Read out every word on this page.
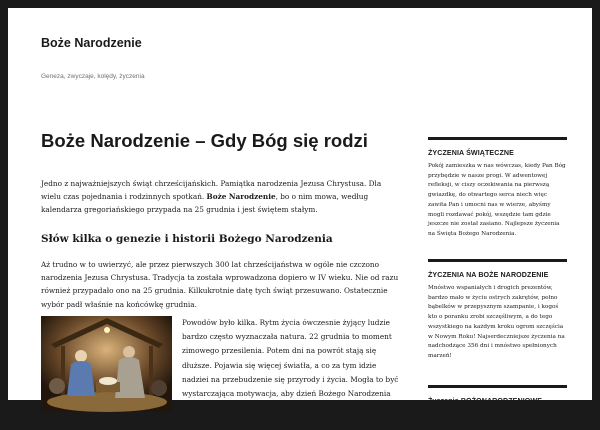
Boże Narodzenie
Geneza, zwyczaje, kolędy, życzenia
Boże Narodzenie – Gdy Bóg się rodzi

Jedno z najważniejszych świąt chrześcijańskich. Pamiątka narodzenia Jezusa Chrystusa. Dla wielu czas pojednania i rodzinnych spotkań. Boże Narodzenie, bo o nim mowa, według kalendarza gregoriańskiego przypada na 25 grudnia i jest świętem stałym.

Słów kilka o genezie i historii Bożego Narodzenia

Aż trudno w to uwierzyć, ale przez pierwszych 300 lat chrześcijaństwa w ogóle nie czczono narodzenia Jezusa Chrystusa. Tradycja ta została wprowadzona dopiero w IV wieku. Nie od razu również przypadało ono na 25 grudnia. Kilkukrotnie datę tych świąt przesuwano. Ostatecznie wybór padł właśnie na końcówkę grudnia.

Powodów było kilka. Rytm życia ówczesnie żyjący ludzie bardzo często wyznaczała natura. 22 grudnia to moment zimowego przesilenia. Potem dni na powrót stają się dłuższe. Pojawia się więcej światła, a co za tym idzie nadziei na przebudzenie się przyrody i życia. Mogła to być wystarczająca motywacja, aby dzień Bożego Narodzenia wyznaczyć właśnie wtedy, wszak święto to dla chrześcijan oznaczało pojawienie się nowej

ŻYCZENIA ŚWIĄTECZNE

Pokój zamieszka w nas wówczas, kiedy Pan Bóg przybędzie w naszе progi. W adwentowej refleksji, w ciszy oczekiwania na pierwszą gwiazdkę, do otwartego serca niech więc zawita Pan i umocni nas w wierze, abyśmy mogli rozdawać pokój, wszędzie tam gdzie jeszcze nie został zasiano. Najlepsze życzenia na Święta Bożego Narodzenia.

ŻYCZENIA NA BOŻE NARODZENIE

Mnóstwo wspaniałych i drogich prezentów, bardzo mało w życiu ostrych zakrętów, pełno bąbelków w przepysznym szampanie, i kogoś kto o poranku zrobi szczęśliwym, a do tego wszystkiego na każdym kroku ogrom szczęścia w Nowym Roku! Najserdeczniejsze życzenia na nadchodzące 356 dni i mnóstwo spełnionych marzeń!

Życzenia BOŻONARODZENIOWE
